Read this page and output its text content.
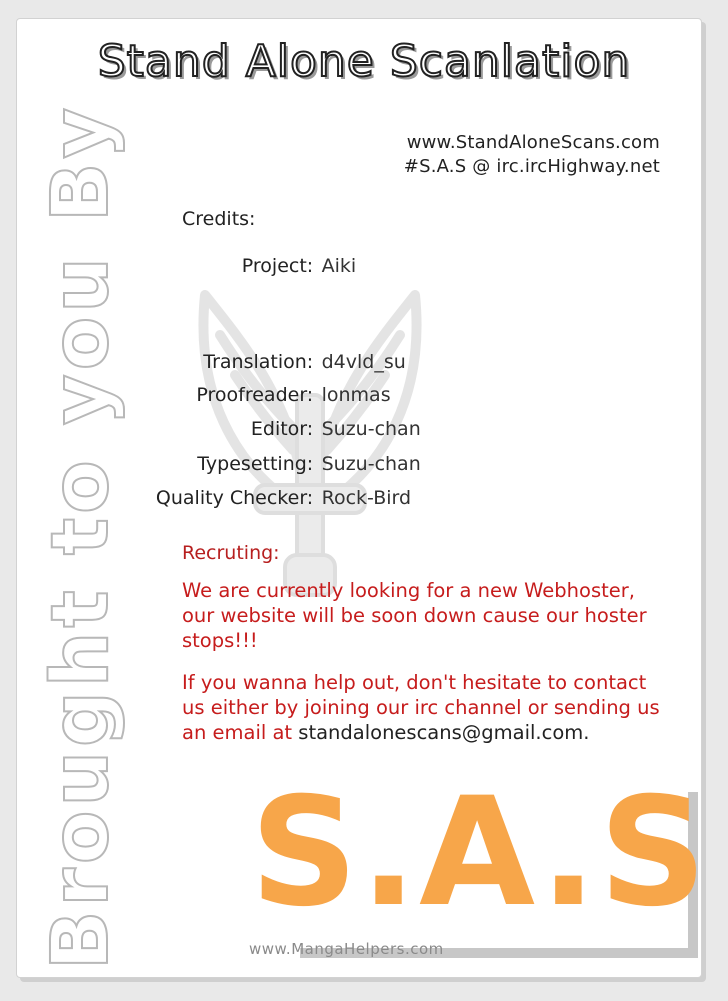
Stand Alone Scanlation
www.StandAloneScans.com
#S.A.S @ irc.ircHighway.net
Brought to you By	Credits:
Project: Aiki
Translation: d4vld_su
Proofreader: lonmas
Editor: Suzu-chan
Typesetting: Suzu-chan
Quality Checker: Rock-Bird
Recruting:
We are currently looking for a new Webhoster, our website will be soon down cause our hoster stops!!!
If you wanna help out, don't hesitate to contact us either by joining our irc channel or sending us an email at standalonescans@gmail.com.
S.A.S
www.MangaHelpers.com
